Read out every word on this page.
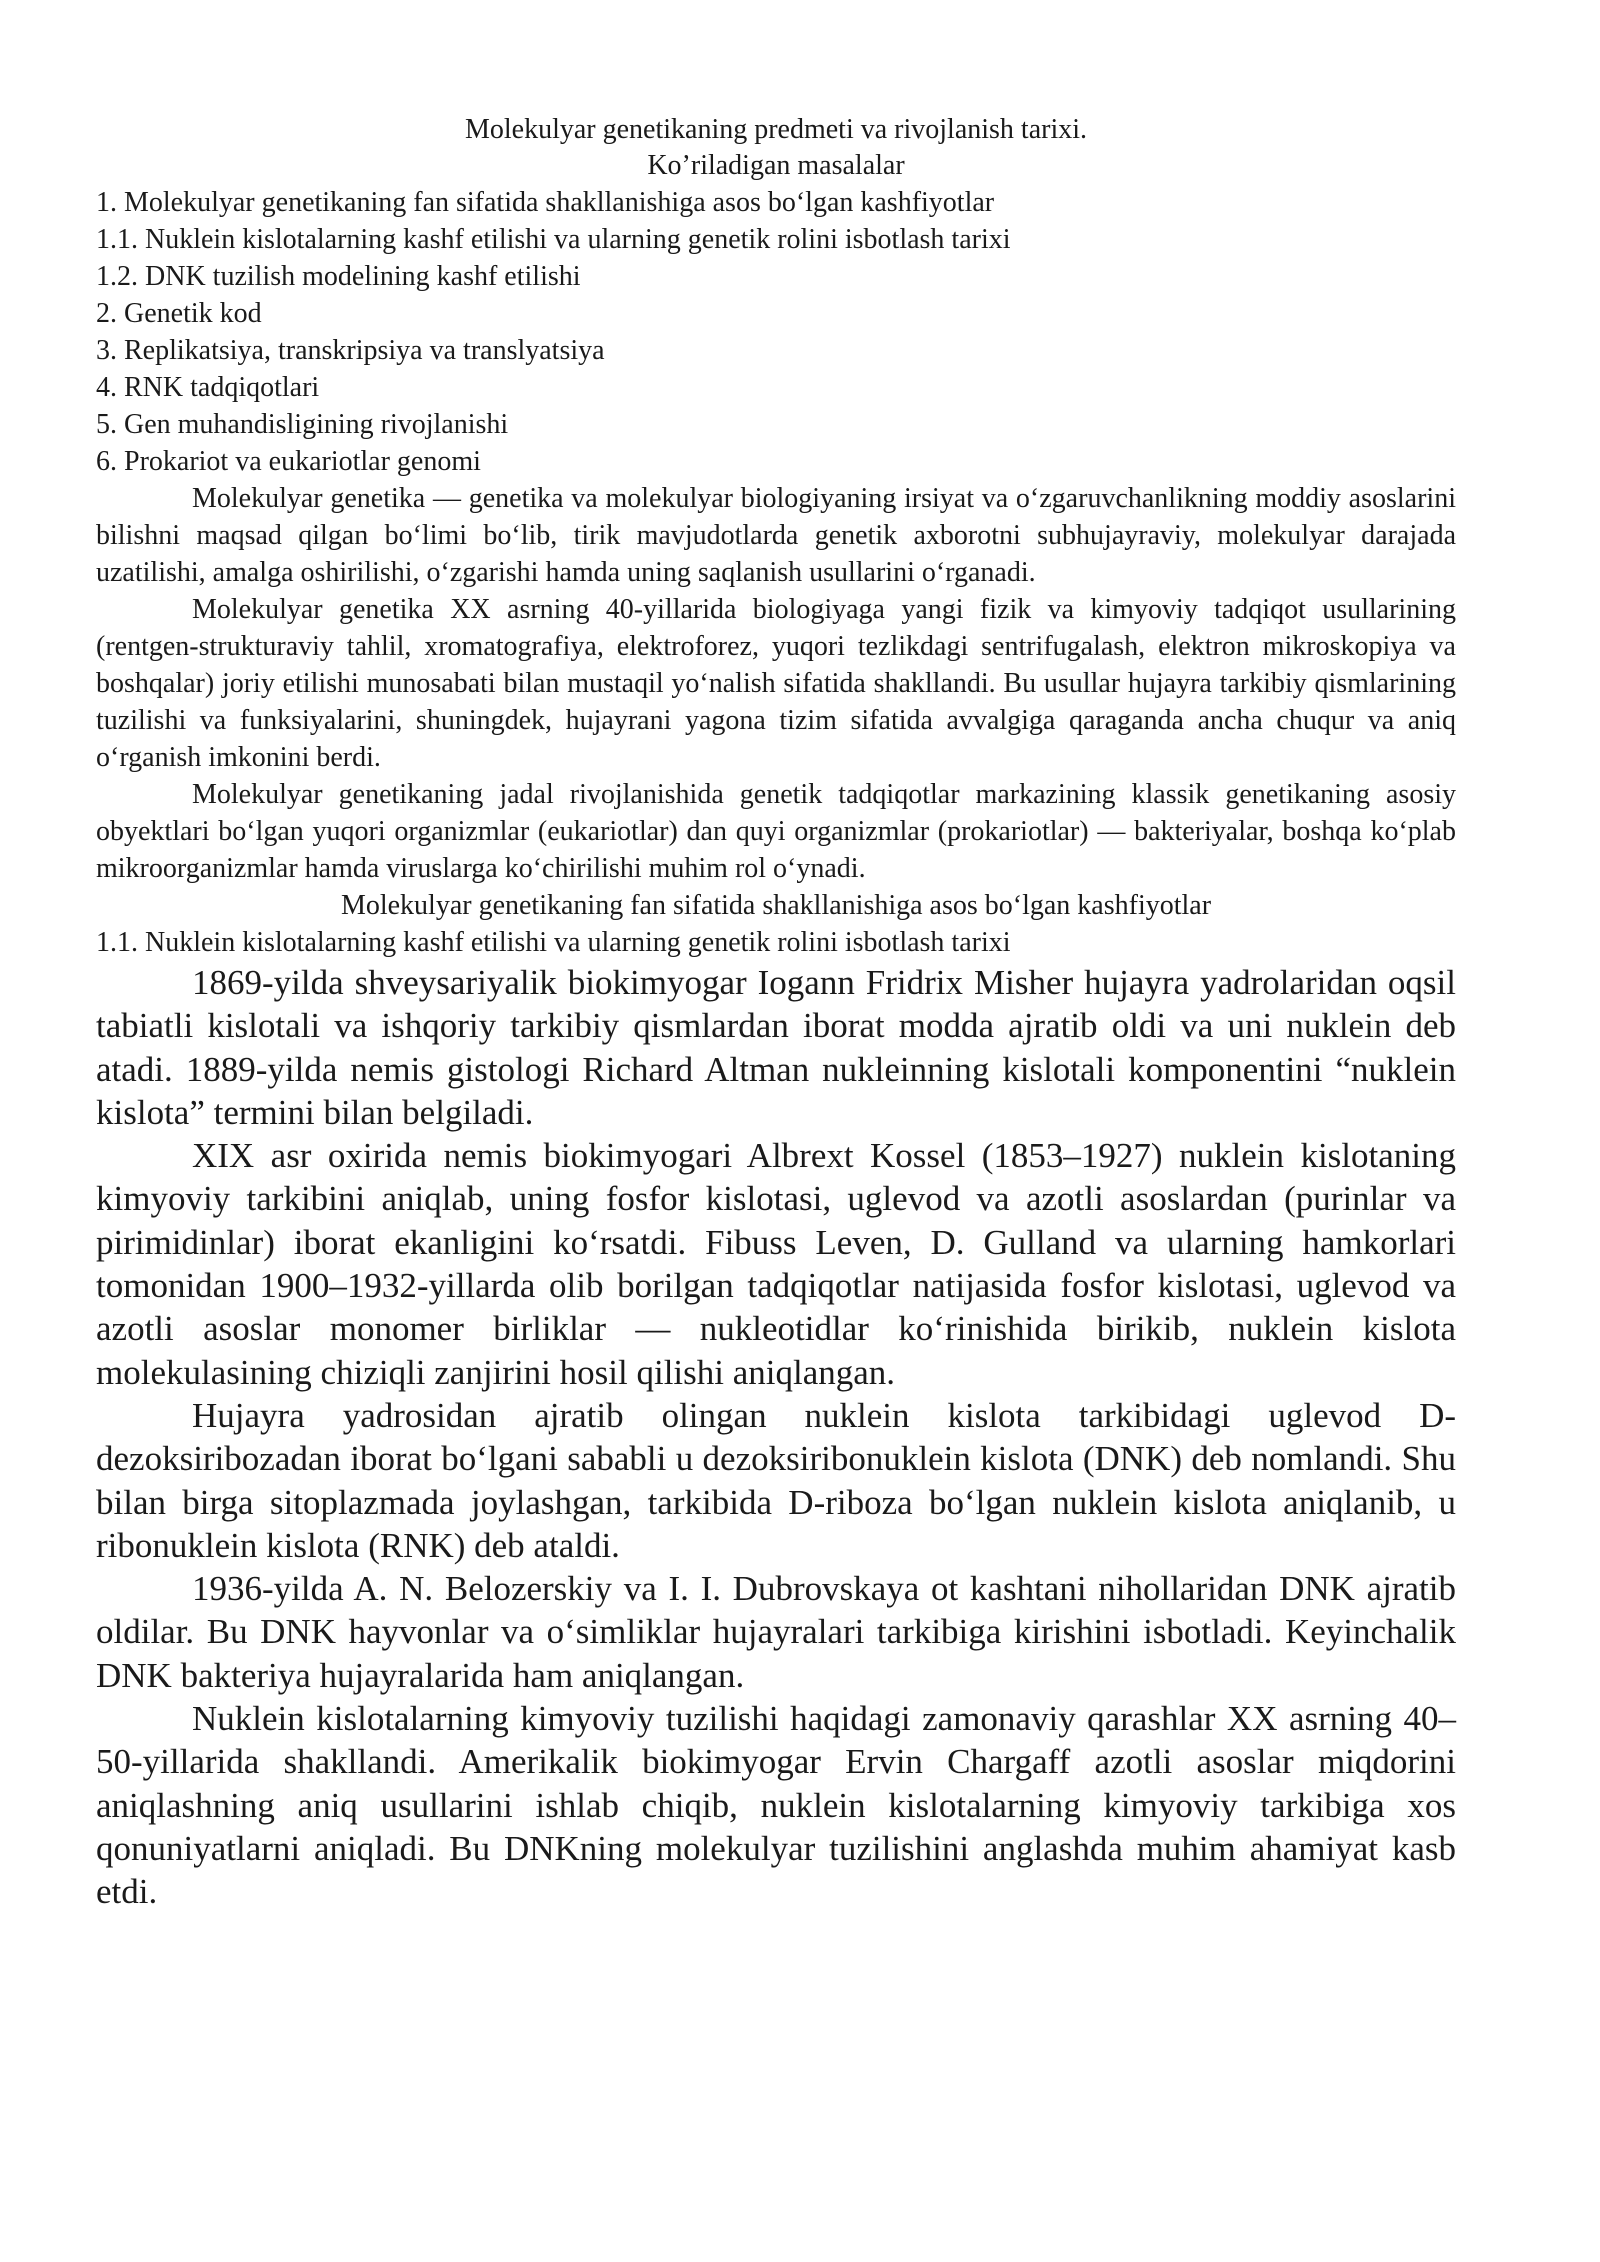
Molekulyar genetikaning predmeti va rivojlanish tarixi.
Ko’riladigan masalalar
1. Molekulyar genetikaning fan sifatida shakllanishiga asos bo‘lgan kashfiyotlar
1.1. Nuklein kislotalarning kashf etilishi va ularning genetik rolini isbotlash tarixi
1.2. DNK tuzilish modelining kashf etilishi
2. Genetik kod
3. Replikatsiya, transkripsiya va translyatsiya
4. RNK tadqiqotlari
5. Gen muhandisligining rivojlanishi
6. Prokariot va eukariotlar genomi

Molekulyar genetika — genetika va molekulyar biologiyaning irsiyat va o‘zgaruvchanlikning moddiy asoslarini bilishni maqsad qilgan bo‘limi bo‘lib, tirik mavjudotlarda genetik axborotni subhujayraviy, molekulyar darajada uzatilishi, amalga oshirilishi, o‘zgarishi hamda uning saqlanish usullarini o‘rganadi.

Molekulyar genetika XX asrning 40-yillarida biologiyaga yangi fizik va kimyoviy tadqiqot usullarining (rentgen-strukturaviy tahlil, xromatografiya, elektroforez, yuqori tezlikdagi sentrifugalash, elektron mikroskopiya va boshqalar) joriy etilishi munosabati bilan mustaqil yo‘nalish sifatida shakllandi. Bu usullar hujayra tarkibiy qismlarining tuzilishi va funksiyalarini, shuningdek, hujayrani yagona tizim sifatida avvalgiga qaraganda ancha chuqur va aniq o‘rganish imkonini berdi.

Molekulyar genetikaning jadal rivojlanishida genetik tadqiqotlar markazining klassik genetikaning asosiy obyektlari bo‘lgan yuqori organizmlar (eukariotlar) dan quyi organizmlar (prokariotlar) — bakteriyalar, boshqa ko‘plab mikroorganizmlar hamda viruslarga ko‘chirilishi muhim rol o‘ynadi.

Molekulyar genetikaning fan sifatida shakllanishiga asos bo‘lgan kashfiyotlar
1.1. Nuklein kislotalarning kashf etilishi va ularning genetik rolini isbotlash tarixi

1869-yilda shveysariyalik biokimyogar Iogann Fridrix Misher hujayra yadrolaridan oqsil tabiatli kislotali va ishqoriy tarkibiy qismlardan iborat modda ajratib oldi va uni nuklein deb atadi. 1889-yilda nemis gistologi Richard Altman nukleinning kislotali komponentini “nuklein kislota” termini bilan belgiladi.

XIX asr oxirida nemis biokimyogari Albrext Kossel (1853–1927) nuklein kislotaning kimyoviy tarkibini aniqlab, uning fosfor kislotasi, uglevod va azotli asoslardan (purinlar va pirimidinlar) iborat ekanligini ko‘rsatdi. Fibuss Leven, D. Gulland va ularning hamkorlari tomonidan 1900–1932-yillarda olib borilgan tadqiqotlar natijasida fosfor kislotasi, uglevod va azotli asoslar monomer birliklar — nukleotidlar ko‘rinishida birikib, nuklein kislota molekulasining chiziqli zanjirini hosil qilishi aniqlangan.

Hujayra yadrosidan ajratib olingan nuklein kislota tarkibidagi uglevod D-dezoksiribozadan iborat bo‘lgani sababli u dezoksiribonuklein kislota (DNK) deb nomlandi. Shu bilan birga sitoplazmada joylashgan, tarkibida D-riboza bo‘lgan nuklein kislota aniqlanib, u ribonuklein kislota (RNK) deb ataldi.

1936-yilda A. N. Belozerskiy va I. I. Dubrovskaya ot kashtani nihollaridan DNK ajratib oldilar. Bu DNK hayvonlar va o‘simliklar hujayralari tarkibiga kirishini isbotladi. Keyinchalik DNK bakteriya hujayralarida ham aniqlangan.

Nuklein kislotalarning kimyoviy tuzilishi haqidagi zamonaviy qarashlar XX asrning 40–50-yillarida shakllandi. Amerikalik biokimyogar Ervin Chargaff azotli asoslar miqdorini aniqlashning aniq usullarini ishlab chiqib, nuklein kislotalarning kimyoviy tarkibiga xos qonuniyatlarni aniqladi. Bu DNKning molekulyar tuzilishini anglashda muhim ahamiyat kasb etdi.
